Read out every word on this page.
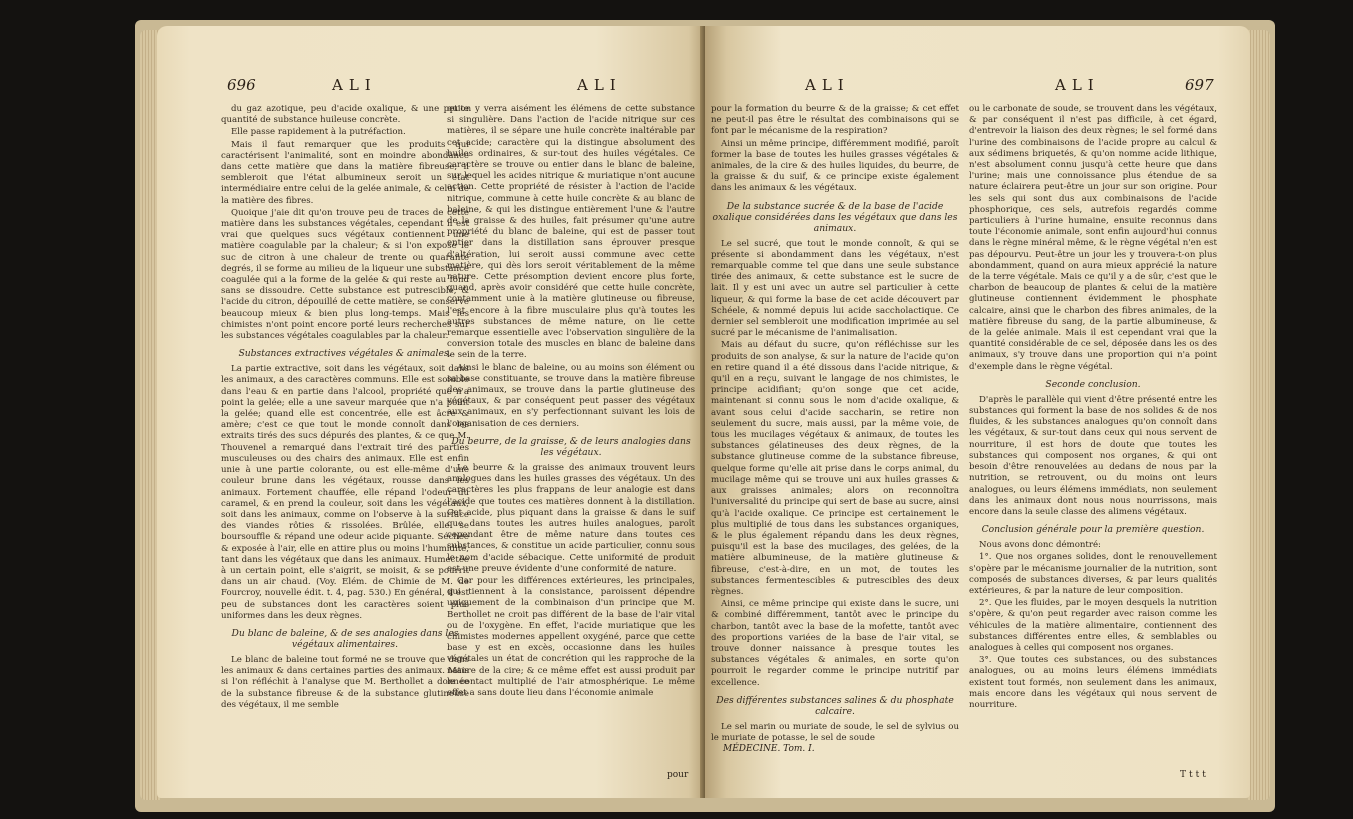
696	ALI	ALI

du gaz azotique, peu d'acide oxalique, & une petite quantité de substance huileuse concrète.

Elle passe rapidement à la putréfaction.

Mais il faut remarquer que les produits qui caractérisent l'animalité, sont en moindre abondance dans cette matière que dans la matière fibreuse; il sembleroit que l'état albumineux seroit un état intermédiaire entre celui de la gelée animale, & celui de la matière des fibres.

Quoique j'aie dit qu'on trouve peu de traces de cette matière dans les substances végétales, cependant il est vrai que quelques sucs végétaux contiennent une matière coagulable par la chaleur; & si l'on expose le suc de citron à une chaleur de trente ou quarante degrés, il se forme au milieu de la liqueur une substance coagulée qui a la forme de la gelée & qui reste au fond sans se dissoudre. Cette substance est putrescible, & l'acide du citron, dépouillé de cette matière, se conserve beaucoup mieux & bien plus long-temps. Mais les chimistes n'ont point encore porté leurs recherches sur les substances végétales coagulables par la chaleur.

Substances extractives végétales & animales.

La partie extractive, soit dans les végétaux, soit dans les animaux, a des caractères communs. Elle est soluble dans l'eau & en partie dans l'alcool, propriété que n'a point la gelée; elle a une saveur marquée que n'a point la gelée; quand elle est concentrée, elle est âcre & amère; c'est ce que tout le monde connoît dans les extraits tirés des sucs dépurés des plantes, & ce que M. Thouvenel a remarqué dans l'extrait tiré des parties musculeuses ou des chairs des animaux. Elle est enfin unie à une partie colorante, ou est elle-même d'une couleur brune dans les végétaux, rousse dans les animaux. Fortement chauffée, elle répand l'odeur du caramel, & en prend la couleur, soit dans les végétaux, soit dans les animaux, comme on l'observe à la surface des viandes rôties & rissolées. Brûlée, elle se boursouffle & répand une odeur acide piquante. Séchée & exposée à l'air, elle en attire plus ou moins l'humidité, tant dans les végétaux que dans les animaux. Humectée à un certain point, elle s'aigrit, se moisit, & se pourrit dans un air chaud. (Voy. Elém. de Chimie de M. de Fourcroy, nouvelle édit. t. 4, pag. 530.) En général, il est peu de substances dont les caractères soient plus uniformes dans les deux règnes.

Du blanc de baleine, & de ses analogies dans les végétaux alimentaires.

Le blanc de baleine tout formé ne se trouve que dans les animaux & dans certaines parties des animaux. Mais si l'on réfléchit à l'analyse que M. Berthollet a donnée de la substance fibreuse & de la substance glutineuse des végétaux, il me semble

qu'on y verra aisément les élémens de cette substance si singulière. Dans l'action de l'acide nitrique sur ces matières, il se sépare une huile concrète inaltérable par cet acide; caractère qui la distingue absolument des huiles ordinaires, & sur-tout des huiles végétales. Ce caractère se trouve ou entier dans le blanc de baleine, sur lequel les acides nitrique & muriatique n'ont aucune action. Cette propriété de résister à l'action de l'acide nitrique, commune à cette huile concrète & au blanc de baleine, & qui les distingue entièrement l'une & l'autre de la graisse & des huiles, fait présumer qu'une autre propriété du blanc de baleine, qui est de passer tout entier dans la distillation sans éprouver presque d'altération, lui seroit aussi commune avec cette matière, qui dès lors seroit véritablement de la même nature. Cette présomption devient encore plus forte, quand, après avoir considéré que cette huile concrète, contamment unie à la matière glutineuse ou fibreuse, l'est encore à la fibre musculaire plus qu'à toutes les autres substances de même nature, on lie cette remarque essentielle avec l'observation singulière de la conversion totale des muscles en blanc de baleine dans le sein de la terre.

Ainsi le blanc de baleine, ou au moins son élément ou sa base constituante, se trouve dans la matière fibreuse des animaux, se trouve dans la partie glutineuse des végétaux, & par conséquent peut passer des végétaux aux animaux, en s'y perfectionnant suivant les lois de l'organisation de ces derniers.

Du beurre, de la graisse, & de leurs analogies dans les végétaux.

Le beurre & la graisse des animaux trouvent leurs analogues dans les huiles grasses des végétaux. Un des caractères les plus frappans de leur analogie est dans l'acide que toutes ces matières donnent à la distillation. Cet acide, plus piquant dans la graisse & dans le suif que dans toutes les autres huiles analogues, paroît cependant être de même nature dans toutes ces substances, & constitue un acide particulier, connu sous le nom d'acide sébacique. Cette uniformité de produit est une preuve évidente d'une conformité de nature.

Car pour les différences extérieures, les principales, qui tiennent à la consistance, paroissent dépendre uniquement de la combinaison d'un principe que M. Berthollet ne croit pas différent de la base de l'air vital ou de l'oxygène. En effet, l'acide muriatique que les chimistes modernes appellent oxygéné, parce que cette base y est en excès, occasionne dans les huiles végétales un état de concrétion qui les rapproche de la nature de la cire; & ce même effet est aussi produit par le contact multiplié de l'air atmosphérique. Le même effet a sans doute lieu dans l'économie animale

pour
ALI	ALI	697

pour la formation du beurre & de la graisse; & cet effet ne peut-il pas être le résultat des combinaisons qui se font par le mécanisme de la respiration?

Ainsi un même principe, différemment modifié, paroît former la base de toutes les huiles grasses végétales & animales, de la cire & des huiles liquides, du beurre, de la graisse & du suif, & ce principe existe également dans les animaux & les végétaux.

De la substance sucrée & de la base de l'acide oxalique considérées dans les végétaux que dans les animaux.

Le sel sucré, que tout le monde connoît, & qui se présente si abondamment dans les végétaux, n'est remarquable comme tel que dans une seule substance tirée des animaux, & cette substance est le sucre de lait. Il y est uni avec un autre sel particulier à cette liqueur, & qui forme la base de cet acide découvert par Schéele, & nommé depuis lui acide saccholactique. Ce dernier sel sembleroit une modification imprimée au sel sucré par le mécanisme de l'animalisation.

Mais au défaut du sucre, qu'on réfléchisse sur les produits de son analyse, & sur la nature de l'acide qu'on en retire quand il a été dissous dans l'acide nitrique, & qu'il en a reçu, suivant le langage de nos chimistes, le principe acidifiant; qu'on songe que cet acide, maintenant si connu sous le nom d'acide oxalique, & avant sous celui d'acide saccharin, se retire non seulement du sucre, mais aussi, par la même voie, de tous les mucilages végétaux & animaux, de toutes les substances gélatineuses des deux règnes, de la substance glutineuse comme de la substance fibreuse, quelque forme qu'elle ait prise dans le corps animal, du mucilage même qui se trouve uni aux huiles grasses & aux graisses animales; alors on reconnoîtra l'universalité du principe qui sert de base au sucre, ainsi qu'à l'acide oxalique. Ce principe est certainement le plus multiplié de tous dans les substances organiques, & le plus également répandu dans les deux règnes, puisqu'il est la base des mucilages, des gelées, de la matière albumineuse, de la matière glutineuse & fibreuse, c'est-à-dire, en un mot, de toutes les substances fermentescibles & putrescibles des deux règnes.

Ainsi, ce même principe qui existe dans le sucre, uni & combiné différemment, tantôt avec le principe du charbon, tantôt avec la base de la mofette, tantôt avec des proportions variées de la base de l'air vital, se trouve donner naissance à presque toutes les substances végétales & animales, en sorte qu'on pourroit le regarder comme le principe nutritif par excellence.

Des différentes substances salines & du phosphate calcaire.

Le sel marin ou muriate de soude, le sel de sylvius ou le muriate de potasse, le sel de soude

ou le carbonate de soude, se trouvent dans les végétaux, & par conséquent il n'est pas difficile, à cet égard, d'entrevoir la liaison des deux règnes; le sel formé dans l'urine des combinaisons de l'acide propre au calcul & aux sédimens briquetés, & qu'on nomme acide lithique, n'est absolument connu jusqu'à cette heure que dans l'urine; mais une connoissance plus étendue de sa nature éclairera peut-être un jour sur son origine. Pour les sels qui sont dus aux combinaisons de l'acide phosphorique, ces sels, autrefois regardés comme particuliers à l'urine humaine, ensuite reconnus dans toute l'économie animale, sont enfin aujourd'hui connus dans le règne minéral même, & le règne végétal n'en est pas dépourvu. Peut-être un jour les y trouvera-t-on plus abondamment, quand on aura mieux apprécié la nature de la terre végétale. Mais ce qu'il y a de sûr, c'est que le charbon de beaucoup de plantes & celui de la matière glutineuse contiennent évidemment le phosphate calcaire, ainsi que le charbon des fibres animales, de la matière fibreuse du sang, de la partie albumineuse, & de la gelée animale. Mais il est cependant vrai que la quantité considérable de ce sel, déposée dans les os des animaux, s'y trouve dans une proportion qui n'a point d'exemple dans le règne végétal.

Seconde conclusion.

D'après le parallèle qui vient d'être présenté entre les substances qui forment la base de nos solides & de nos fluides, & les substances analogues qu'on connoît dans les végétaux, & sur-tout dans ceux qui nous servent de nourriture, il est hors de doute que toutes les substances qui composent nos organes, & qui ont besoin d'être renouvelées au dedans de nous par la nutrition, se retrouvent, ou du moins ont leurs analogues, ou leurs élémens immédiats, non seulement dans les animaux dont nous nous nourrissons, mais encore dans la seule classe des alimens végétaux.

Conclusion générale pour la première question.

Nous avons donc démontré:

1°. Que nos organes solides, dont le renouvellement s'opère par le mécanisme journalier de la nutrition, sont composés de substances diverses, & par leurs qualités extérieures, & par la nature de leur composition.

2°. Que les fluides, par le moyen desquels la nutrition s'opère, & qu'on peut regarder avec raison comme les véhicules de la matière alimentaire, contiennent des substances différentes entre elles, & semblables ou analogues à celles qui composent nos organes.

3°. Que toutes ces substances, ou des substances analogues, ou au moins leurs élémens immédiats existent tout formés, non seulement dans les animaux, mais encore dans les végétaux qui nous servent de nourriture.

MÉDECINE. Tom. I.
Tttt
